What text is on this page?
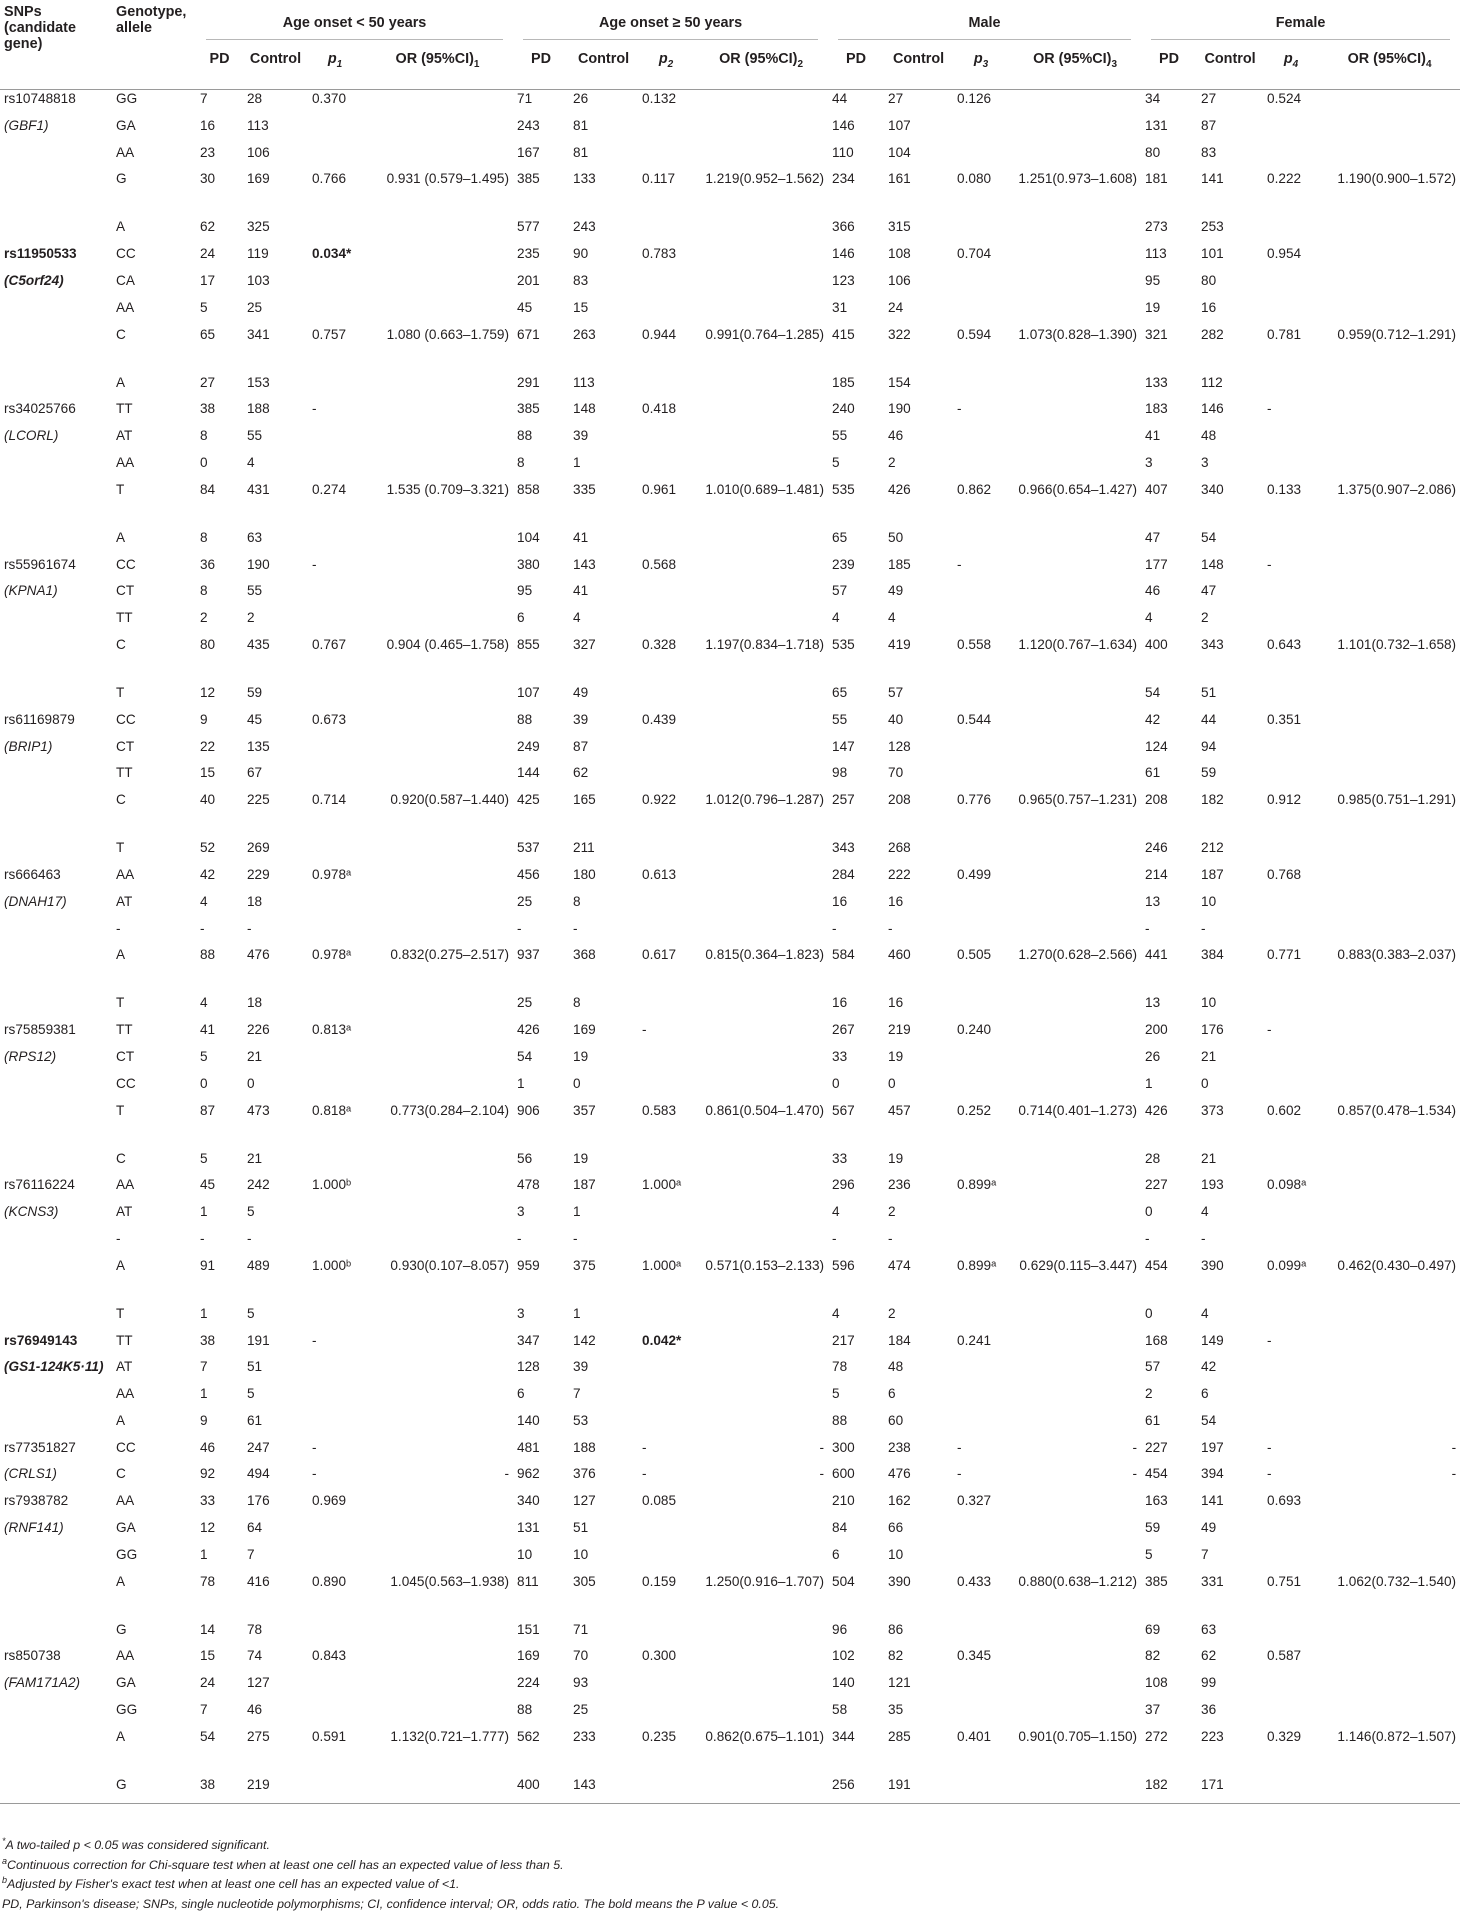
SNPs
(candidate
gene)	Genotype,
allele	Age onset < 50 years				Age onset ≥ 50 years				Male				Female			

		PD	Control	$p_1$	OR $(95\%CI)_1$	PD	Control	$p_2$	OR $(95\%CI)_2$	PD	Control	$p_3$	OR $(95\%CI)_3$	PD	Control	$p_4$	OR $(95\%CI)_4$
rs10748818	GG	7	28	0.370		71	26	0.132		44	27	0.126		34	27	0.524	
(GBF1)	GA	16	113			243	81			146	107			131	87		
	AA	23	106			167	81			110	104			80	83		
	G	30	169	0.766	0.931 (0.579–1.495)	385	133	0.117	1.219(0.952–1.562)	234	161	0.080	1.251(0.973–1.608)	181	141	0.222	1.190(0.900–1.572)
	A	62	325			577	243			366	315			273	253		
rs11950533	CC	24	119	0.034*		235	90	0.783		146	108	0.704		113	101	0.954	
(C5orf24)	CA	17	103			201	83			123	106			95	80		
	AA	5	25			45	15			31	24			19	16		
	C	65	341	0.757	1.080 (0.663–1.759)	671	263	0.944	0.991(0.764–1.285)	415	322	0.594	1.073(0.828–1.390)	321	282	0.781	0.959(0.712–1.291)
	A	27	153			291	113			185	154			133	112		
rs34025766	TT	38	188	-		385	148	0.418		240	190	-		183	146	-	
(LCORL)	AT	8	55			88	39			55	46			41	48		
	AA	0	4			8	1			5	2			3	3		
	T	84	431	0.274	1.535 (0.709–3.321)	858	335	0.961	1.010(0.689–1.481)	535	426	0.862	0.966(0.654–1.427)	407	340	0.133	1.375(0.907–2.086)
	A	8	63			104	41			65	50			47	54		
rs55961674	CC	36	190	-		380	143	0.568		239	185	-		177	148	-	
(KPNA1)	CT	8	55			95	41			57	49			46	47		
	TT	2	2			6	4			4	4			4	2		
	C	80	435	0.767	0.904 (0.465–1.758)	855	327	0.328	1.197(0.834–1.718)	535	419	0.558	1.120(0.767–1.634)	400	343	0.643	1.101(0.732–1.658)
	T	12	59			107	49			65	57			54	51		
rs61169879	CC	9	45	0.673		88	39	0.439		55	40	0.544		42	44	0.351	
(BRIP1)	CT	22	135			249	87			147	128			124	94		
	TT	15	67			144	62			98	70			61	59		
	C	40	225	0.714	0.920(0.587–1.440)	425	165	0.922	1.012(0.796–1.287)	257	208	0.776	0.965(0.757–1.231)	208	182	0.912	0.985(0.751–1.291)
	T	52	269			537	211			343	268			246	212		
rs666463	AA	42	229	0.978ᵃ		456	180	0.613		284	222	0.499		214	187	0.768	
(DNAH17)	AT	4	18			25	8			16	16			13	10		
	-	-	-			-	-			-	-			-	-		
	A	88	476	0.978ᵃ	0.832(0.275–2.517)	937	368	0.617	0.815(0.364–1.823)	584	460	0.505	1.270(0.628–2.566)	441	384	0.771	0.883(0.383–2.037)
	T	4	18			25	8			16	16			13	10		
rs75859381	TT	41	226	0.813ᵃ		426	169	-		267	219	0.240		200	176	-	
(RPS12)	CT	5	21			54	19			33	19			26	21		
	CC	0	0			1	0			0	0			1	0		
	T	87	473	0.818ᵃ	0.773(0.284–2.104)	906	357	0.583	0.861(0.504–1.470)	567	457	0.252	0.714(0.401–1.273)	426	373	0.602	0.857(0.478–1.534)
	C	5	21			56	19			33	19			28	21		
rs76116224	AA	45	242	1.000ᵇ		478	187	1.000ᵃ		296	236	0.899ᵃ		227	193	0.098ᵃ	
(KCNS3)	AT	1	5			3	1			4	2			0	4		
	-	-	-			-	-			-	-			-	-		
	A	91	489	1.000ᵇ	0.930(0.107–8.057)	959	375	1.000ᵃ	0.571(0.153–2.133)	596	474	0.899ᵃ	0.629(0.115–3.447)	454	390	0.099ᵃ	0.462(0.430–0.497)
	T	1	5			3	1			4	2			0	4		
rs76949143	TT	38	191	-		347	142	0.042*		217	184	0.241		168	149	-	
(GS1-124K5·11)	AT	7	51			128	39			78	48			57	42		
	AA	1	5			6	7			5	6			2	6		
	A	9	61			140	53			88	60			61	54		
rs77351827	CC	46	247	-		481	188	-	-	300	238	-	-	227	197	-	-
(CRLS1)	C	92	494	-	-	962	376	-	-	600	476	-	-	454	394	-	-
rs7938782	AA	33	176	0.969		340	127	0.085		210	162	0.327		163	141	0.693	
(RNF141)	GA	12	64			131	51			84	66			59	49		
	GG	1	7			10	10			6	10			5	7		
	A	78	416	0.890	1.045(0.563–1.938)	811	305	0.159	1.250(0.916–1.707)	504	390	0.433	0.880(0.638–1.212)	385	331	0.751	1.062(0.732–1.540)
	G	14	78			151	71			96	86			69	63		
rs850738	AA	15	74	0.843		169	70	0.300		102	82	0.345		82	62	0.587	
(FAM171A2)	GA	24	127			224	93			140	121			108	99		
	GG	7	46			88	25			58	35			37	36		
	A	54	275	0.591	1.132(0.721–1.777)	562	233	0.235	0.862(0.675–1.101)	344	285	0.401	0.901(0.705–1.150)	272	223	0.329	1.146(0.872–1.507)
	G	38	219			400	143			256	191			182	171		

*A two-tailed p < 0.05 was considered significant.

$^a$Continuous correction for Chi-square test when at least one cell has an expected value of less than 5.

$^b$Adjusted by Fisher's exact test when at least one cell has an expected value of <1.

PD, Parkinson's disease; SNPs, single nucleotide polymorphisms; CI, confidence interval; OR, odds ratio. The bold means the P value < 0.05.
